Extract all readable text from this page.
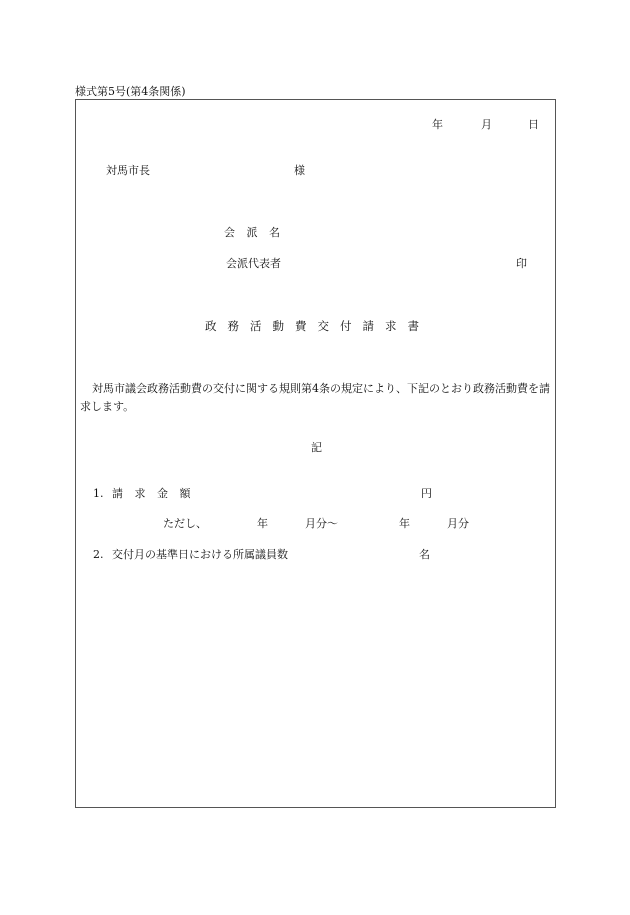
様式第5号(第4条関係)
年	月	日
対馬市長	様
会 派 名
会派代表者	印
政務活動費交付請求書
対馬市議会政務活動費の交付に関する規則第4条の規定により、下記のとおり政務活動費を請求します。
記
1. 請 求 金 額	円
ただし、	年	月分～	年	月分
2. 交付月の基準日における所属議員数	名
